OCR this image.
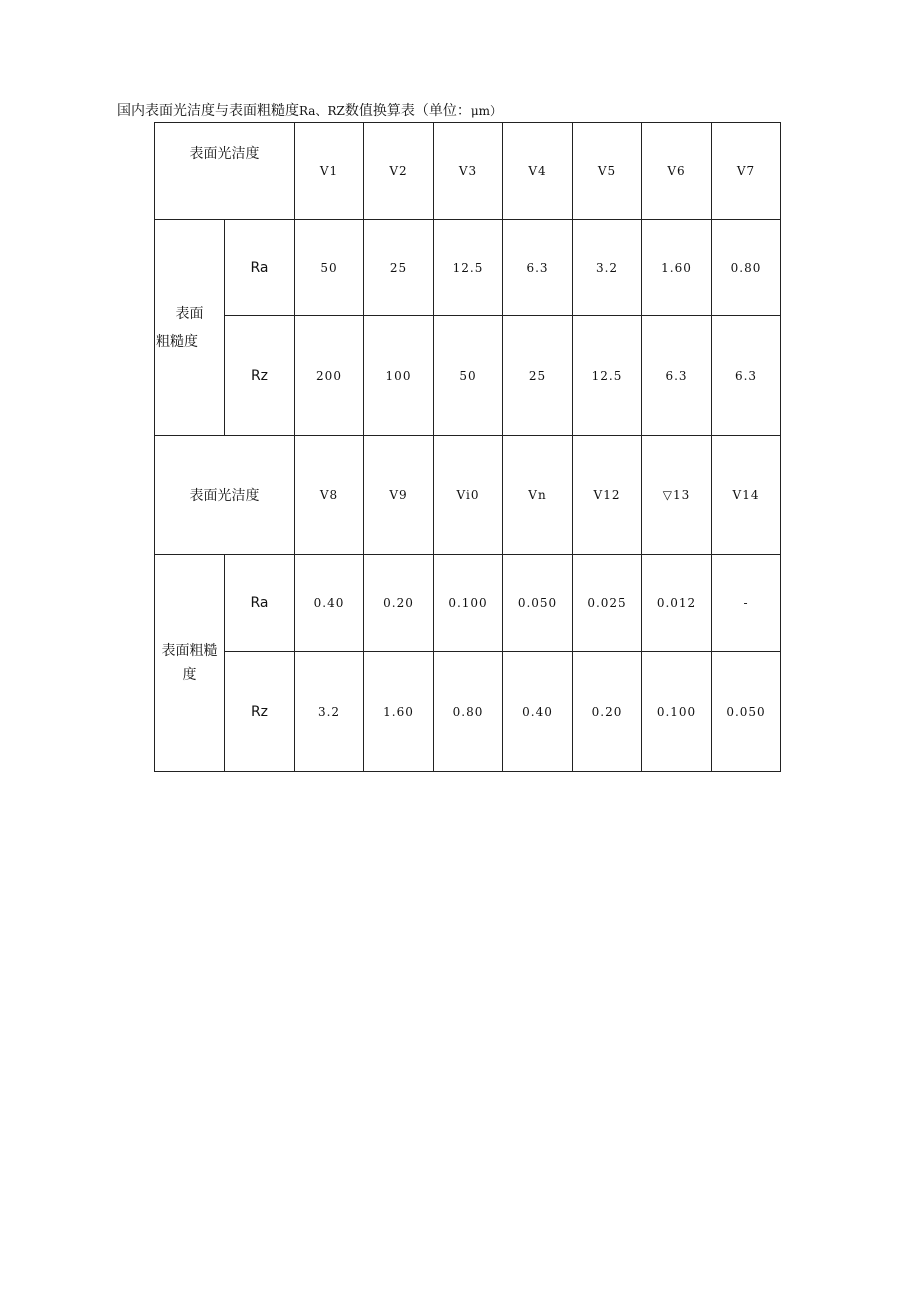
国内表面光洁度与表面粗糙度Ra、RZ数值换算表（单位：μm）
表面光洁度		V1	V2	V3	V4	V5	V6	V7

表面
粗糙度	Ra	50	25	12.5	6.3	3.2	1.60	0.80
	Rz	200	100	50	25	12.5	6.3	6.3
表面光洁度		V8	V9	Vi0	Vn	V12	▽13	V14

表面粗糙
度	Ra	0.40	0.20	0.100	0.050	0.025	0.012	-
	Rz	3.2	1.60	0.80	0.40	0.20	0.100	0.050
